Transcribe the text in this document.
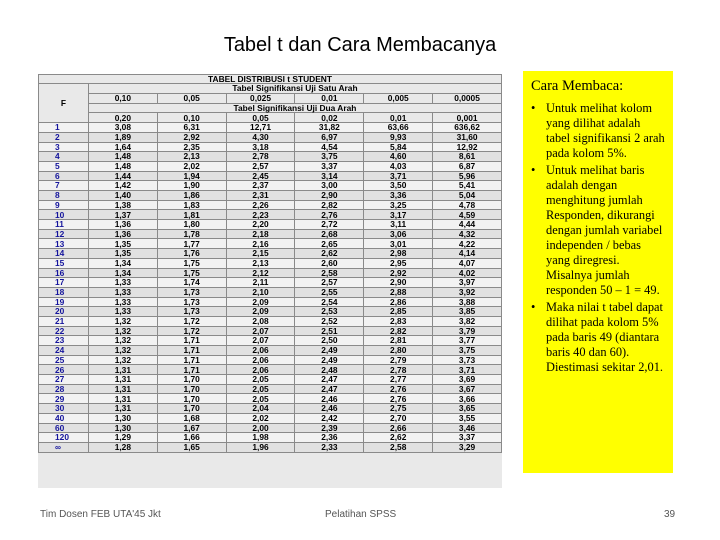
Tabel t dan Cara Membacanya
TABEL DISTRIBUSI t STUDENT						
F	Tabel Signifikansi Uji Satu Arah					
	0,10	0,05	0,025	0,01	0,005	0,0005
	Tabel Signifikansi Uji Dua Arah					
	0,20	0,10	0,05	0,02	0,01	0,001
1	3,08	6,31	12,71	31,82	63,66	636,62
2	1,89	2,92	4,30	6,97	9,93	31,60
3	1,64	2,35	3,18	4,54	5,84	12,92
4	1,48	2,13	2,78	3,75	4,60	8,61
5	1,48	2,02	2,57	3,37	4,03	6,87
6	1,44	1,94	2,45	3,14	3,71	5,96
7	1,42	1,90	2,37	3,00	3,50	5,41
8	1,40	1,86	2,31	2,90	3,36	5,04
9	1,38	1,83	2,26	2,82	3,25	4,78
10	1,37	1,81	2,23	2,76	3,17	4,59
11	1,36	1,80	2,20	2,72	3,11	4,44
12	1,36	1,78	2,18	2,68	3,06	4,32
13	1,35	1,77	2,16	2,65	3,01	4,22
14	1,35	1,76	2,15	2,62	2,98	4,14
15	1,34	1,75	2,13	2,60	2,95	4,07
16	1,34	1,75	2,12	2,58	2,92	4,02
17	1,33	1,74	2,11	2,57	2,90	3,97
18	1,33	1,73	2,10	2,55	2,88	3,92
19	1,33	1,73	2,09	2,54	2,86	3,88
20	1,33	1,73	2,09	2,53	2,85	3,85
21	1,32	1,72	2,08	2,52	2,83	3,82
22	1,32	1,72	2,07	2,51	2,82	3,79
23	1,32	1,71	2,07	2,50	2,81	3,77
24	1,32	1,71	2,06	2,49	2,80	3,75
25	1,32	1,71	2,06	2,49	2,79	3,73
26	1,31	1,71	2,06	2,48	2,78	3,71
27	1,31	1,70	2,05	2,47	2,77	3,69
28	1,31	1,70	2,05	2,47	2,76	3,67
29	1,31	1,70	2,05	2,46	2,76	3,66
30	1,31	1,70	2,04	2,46	2,75	3,65
40	1,30	1,68	2,02	2,42	2,70	3,55
60	1,30	1,67	2,00	2,39	2,66	3,46
120	1,29	1,66	1,98	2,36	2,62	3,37
∞	1,28	1,65	1,96	2,33	2,58	3,29
Cara Membaca:
• Untuk melihat kolom yang dilihat adalah tabel signifikansi 2 arah pada kolom 5%.
• Untuk melihat baris adalah dengan menghitung jumlah Responden, dikurangi dengan jumlah variabel independen / bebas yang diregresi. Misalnya jumlah responden 50 – 1 = 49.
• Maka nilai t tabel dapat dilihat pada kolom 5% pada baris 49 (diantara baris 40 dan 60). Diestimasi sekitar 2,01.
Tim Dosen FEB UTA'45 Jkt	Pelatihan SPSS	39
